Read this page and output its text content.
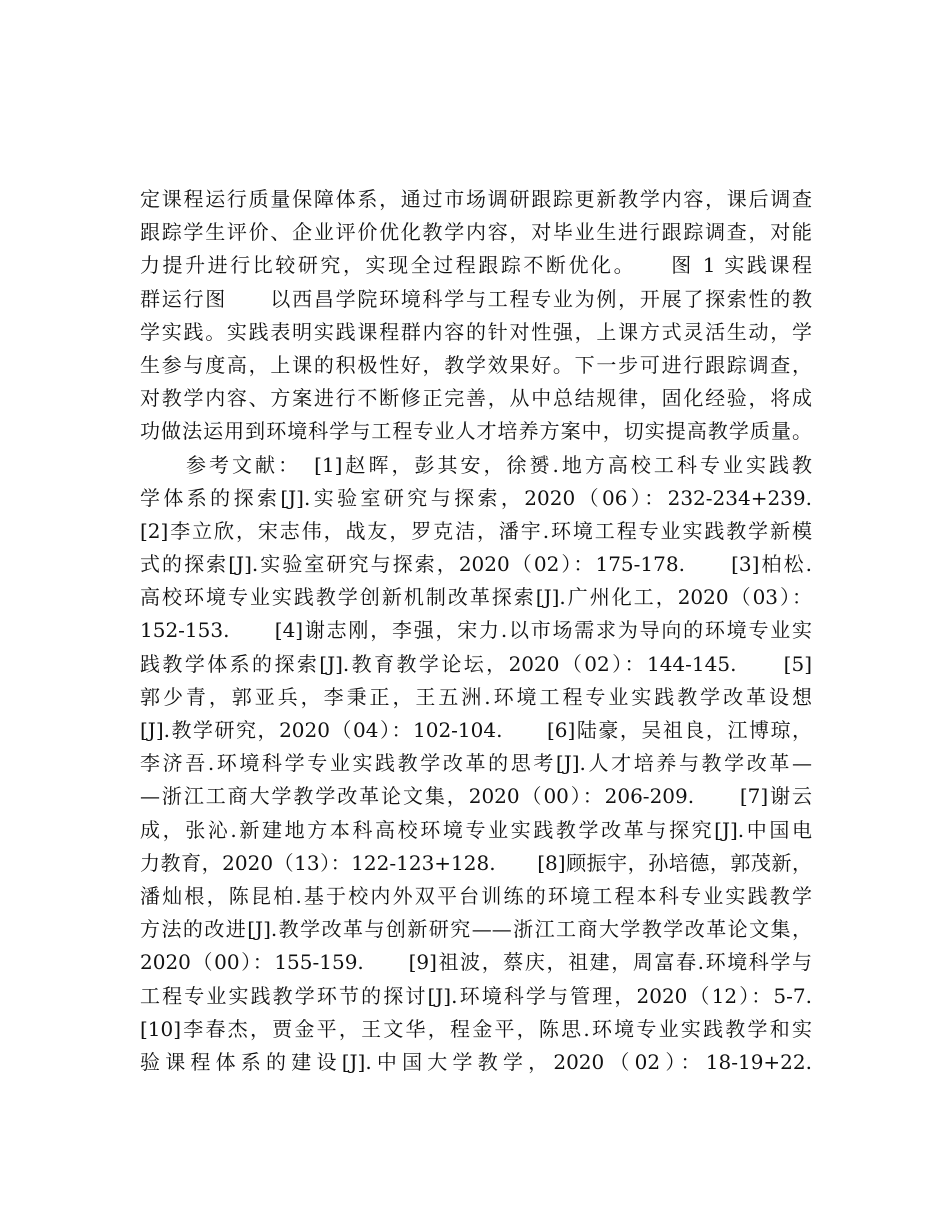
定课程运行质量保障体系，通过市场调研跟踪更新教学内容，课后调查
跟踪学生评价、企业评价优化教学内容，对毕业生进行跟踪调查，对能
力提升进行比较研究，实现全过程跟踪不断优化。　　图 1 实践课程
群运行图　　以西昌学院环境科学与工程专业为例，开展了探索性的教
学实践。实践表明实践课程群内容的针对性强，上课方式灵活生动，学
生参与度高，上课的积极性好，教学效果好。下一步可进行跟踪调查，
对教学内容、方案进行不断修正完善，从中总结规律，固化经验，将成
功做法运用到环境科学与工程专业人才培养方案中，切实提高教学质量。
　　参考文献：　[1]赵晖，彭其安，徐赟.地方高校工科专业实践教
学体系的探索[J].实验室研究与探索，2020（06）：232-234+239.
[2]李立欣，宋志伟，战友，罗克洁，潘宇.环境工程专业实践教学新模
式的探索[J].实验室研究与探索，2020（02）：175-178.　　[3]柏松.
高校环境专业实践教学创新机制改革探索[J].广州化工，2020（03）：
152-153.　　[4]谢志刚，李强，宋力.以市场需求为导向的环境专业实
践教学体系的探索[J].教育教学论坛，2020（02）：144-145.　　[5]
郭少青，郭亚兵，李秉正，王五洲.环境工程专业实践教学改革设想
[J].教学研究，2020（04）：102-104.　　[6]陆豪，吴祖良，江博琼，
李济吾.环境科学专业实践教学改革的思考[J].人才培养与教学改革—
—浙江工商大学教学改革论文集，2020（00）：206-209.　　[7]谢云
成，张沁.新建地方本科高校环境专业实践教学改革与探究[J].中国电
力教育，2020（13）：122-123+128.　　[8]顾振宇，孙培德，郭茂新，
潘灿根，陈昆柏.基于校内外双平台训练的环境工程本科专业实践教学
方法的改进[J].教学改革与创新研究——浙江工商大学教学改革论文集，
2020（00）：155-159.　　[9]祖波，蔡庆，祖建，周富春.环境科学与
工程专业实践教学环节的探讨[J].环境科学与管理，2020（12）：5-7.
[10]李春杰，贾金平，王文华，程金平，陈思.环境专业实践教学和实
验课程体系的建设[J].中国大学教学，2020（02）：18-19+22.
